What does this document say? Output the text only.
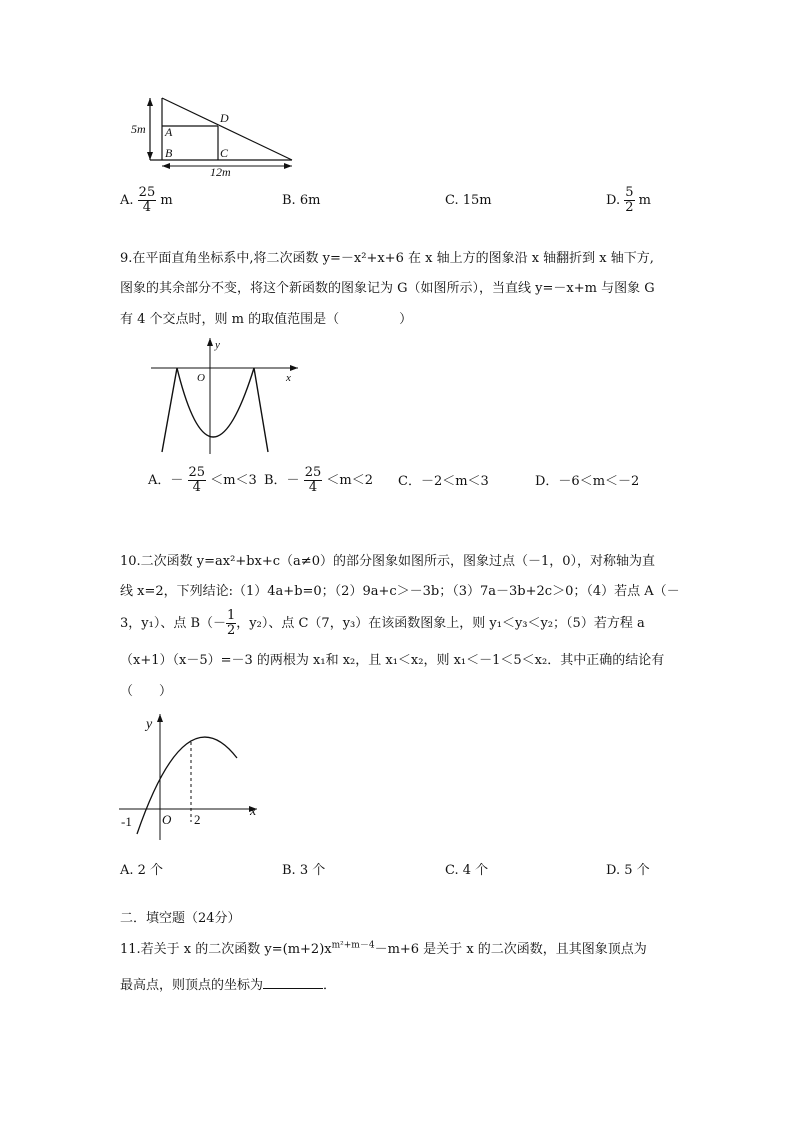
D
A
B	C
5m
12m
A. $\frac{25}{4}$ m	B. 6m	C. 15m	D. $\frac{5}{2}$ m
9.在平面直角坐标系中,将二次函数 y=－x²+x+6 在 x 轴上方的图象沿 x 轴翻折到 x 轴下方,
图象的其余部分不变，将这个新函数的图象记为 G（如图所示），当直线 y=－x+m 与图象 G
有 4 个交点时，则 m 的取值范围是（	）
y
O	x
A．－ $\frac{25}{4} <m<3$ B．－ $\frac{25}{4} <m<2$ C．－2＜m＜3	D．－6＜m＜－2
10.二次函数 y=ax²+bx+c（a≠0）的部分图象如图所示，图象过点（－1，0），对称轴为直
线 x=2，下列结论:（1）4a+b=0；（2）9a+c＞－3b；（3）7a－3b+2c＞0；（4）若点 A（－
3，y₁）、点 $B(- \frac{1}{2}$ ，y₂）、点 C（7，y₃）在该函数图象上，则 y₁＜y₃＜y₂；（5）若方程 a
（x+1）（x－5）=－3 的两根为 x₁和 x₂，且 x₁＜x₂，则 x₁＜－1＜5＜x₂．其中正确的结论有
（　　）
y
x
O
-1	2
A. 2 个	B. 3 个	C. 4 个	D. 5 个
二．填空题（24分）
11.若关于 x 的二次函数 $y=(m+2)x^{m^2+m-4}-m+6$ 是关于 x 的二次函数，且其图象顶点为
最高点，则顶点的坐标为	．
